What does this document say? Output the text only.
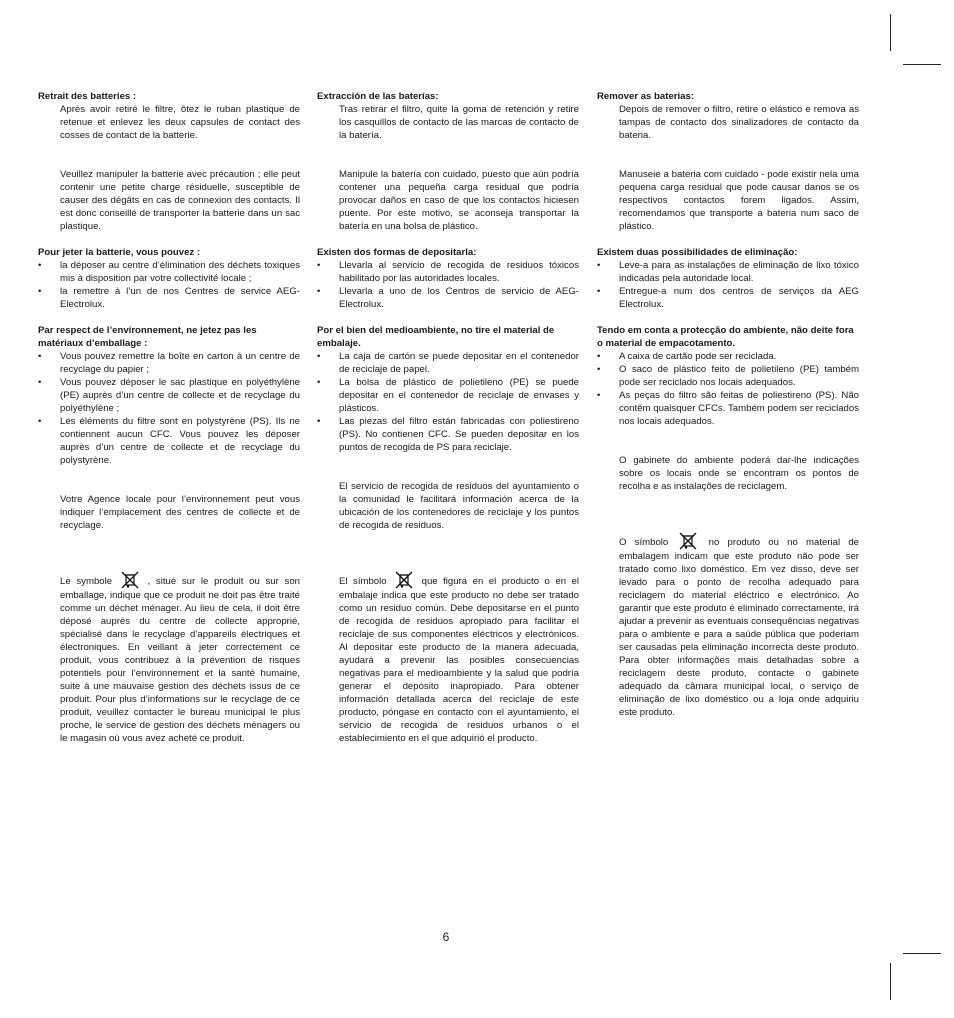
Retrait des batteries :

Après avoir retiré le filtre, ôtez le ruban plastique de retenue et enlevez les deux capsules de contact des cosses de contact de la batterie.

Veuillez manipuler la batterie avec précaution ; elle peut contenir une petite charge résiduelle, susceptible de causer des dégâts en cas de connexion des contacts. Il est donc conseillé de transporter la batterie dans un sac plastique.

Pour jeter la batterie, vous pouvez :

• la déposer au centre d’élimination des déchets toxiques mis à disposition par votre collectivité locale ;
• la remettre à l’un de nos Centres de service AEG-Electrolux.

Par respect de l’environnement, ne jetez pas les matériaux d’emballage :

• Vous pouvez remettre la boîte en carton à un centre de recyclage du papier ;
• Vous pouvez déposer le sac plastique en polyéthylène (PE) auprès d’un centre de collecte et de recyclage du polyéthylène ;
• Les éléments du filtre sont en polystyrène (PS). Ils ne contiennent aucun CFC. Vous pouvez les déposer auprès d’un centre de collecte et de recyclage du polystyrène.

Votre Agence locale pour l’environnement peut vous indiquer l’emplacement des centres de collecte et de recyclage.

Le symbole	, situé sur le produit ou sur son emballage, indique que ce produit ne doit pas être traité comme un déchet ménager. Au lieu de cela, il doit être déposé auprès du centre de collecte approprié, spécialisé dans le recyclage d’appareils électriques et électroniques. En veillant à jeter correctement ce produit, vous contribuez à la prévention de risques potentiels pour l’environnement et la santé humaine, suite à une mauvaise gestion des déchets issus de ce produit. Pour plus d’informations sur le recyclage de ce produit, veuillez contacter le bureau municipal le plus proche, le service de gestion des déchets ménagers ou le magasin où vous avez acheté ce produit.

Extracción de las baterías:

Tras retirar el filtro, quite la goma de retención y retire los casquillos de contacto de las marcas de contacto de la batería.

Manipule la batería con cuidado, puesto que aún podría contener una pequeña carga residual que podría provocar daños en caso de que los contactos hiciesen puente. Por este motivo, se aconseja transportar la batería en una bolsa de plástico.

Existen dos formas de depositarla:

• Llevarla al servicio de recogida de residuos tóxicos habilitado por las autoridades locales.
• Llevarla a uno de los Centros de servicio de AEG-Electrolux.

Por el bien del medioambiente, no tire el material de embalaje.

• La caja de cartón se puede depositar en el contenedor de reciclaje de papel.
• La bolsa de plástico de polietileno (PE) se puede depositar en el contenedor de reciclaje de envases y plásticos.
• Las piezas del filtro están fabricadas con poliestireno (PS). No contienen CFC. Se pueden depositar en los puntos de recogida de PS para reciclaje.

El servicio de recogida de residuos del ayuntamiento o la comunidad le facilitará información acerca de la ubicación de los contenedores de reciclaje y los puntos de recogida de residuos.

El símbolo	que figura en el producto o en el embalaje indica que este producto no debe ser tratado como un residuo común. Debe depositarse en el punto de recogida de residuos apropiado para facilitar el reciclaje de sus componentes eléctricos y electrónicos. Al depositar este producto de la manera adecuada, ayudará a prevenir las posibles consecuencias negativas para el medioambiente y la salud que podría generar el depósito inapropiado. Para obtener información detallada acerca del reciclaje de este producto, póngase en contacto con el ayuntamiento, el servicio de recogida de residuos urbanos o el establecimiento en el que adquirió el producto.

Remover as baterias:

Depois de remover o filtro, retire o elástico e remova as tampas de contacto dos sinalizadores de contacto da bateria.

Manuseie a bateria com cuidado - pode existir nela uma pequena carga residual que pode causar danos se os respectivos contactos forem ligados. Assim, recomendamos que transporte a bateria num saco de plástico.

Existem duas possibilidades de eliminação:

• Leve-a para as instalações de eliminação de lixo tóxico indicadas pela autoridade local.
• Entregue-a num dos centros de serviços da AEG Electrolux.

Tendo em conta a protecção do ambiente, não deite fora o material de empacotamento.

• A caixa de cartão pode ser reciclada.
• O saco de plástico feito de polietileno (PE) também pode ser reciclado nos locais adequados.
• As peças do filtro são feitas de poliestireno (PS). Não contêm quaisquer CFCs. Também podem ser reciclados nos locais adequados.

O gabinete do ambiente poderá dar-lhe indicações sobre os locais onde se encontram os pontos de recolha e as instalações de reciclagem.

O símbolo	no produto ou no material de embalagem indicam que este produto não pode ser tratado como lixo doméstico. Em vez disso, deve ser levado para o ponto de recolha adequado para reciclagem do material eléctrico e electrónico. Ao garantir que este produto é eliminado correctamente, irá ajudar a prevenir as eventuais consequências negativas para o ambiente e para a saúde pública que poderiam ser causadas pela eliminação incorrecta deste produto. Para obter informações mais detalhadas sobre a reciclagem deste produto, contacte o gabinete adequado da câmara municipal local, o serviço de eliminação de lixo doméstico ou a loja onde adquiriu este produto.

6
